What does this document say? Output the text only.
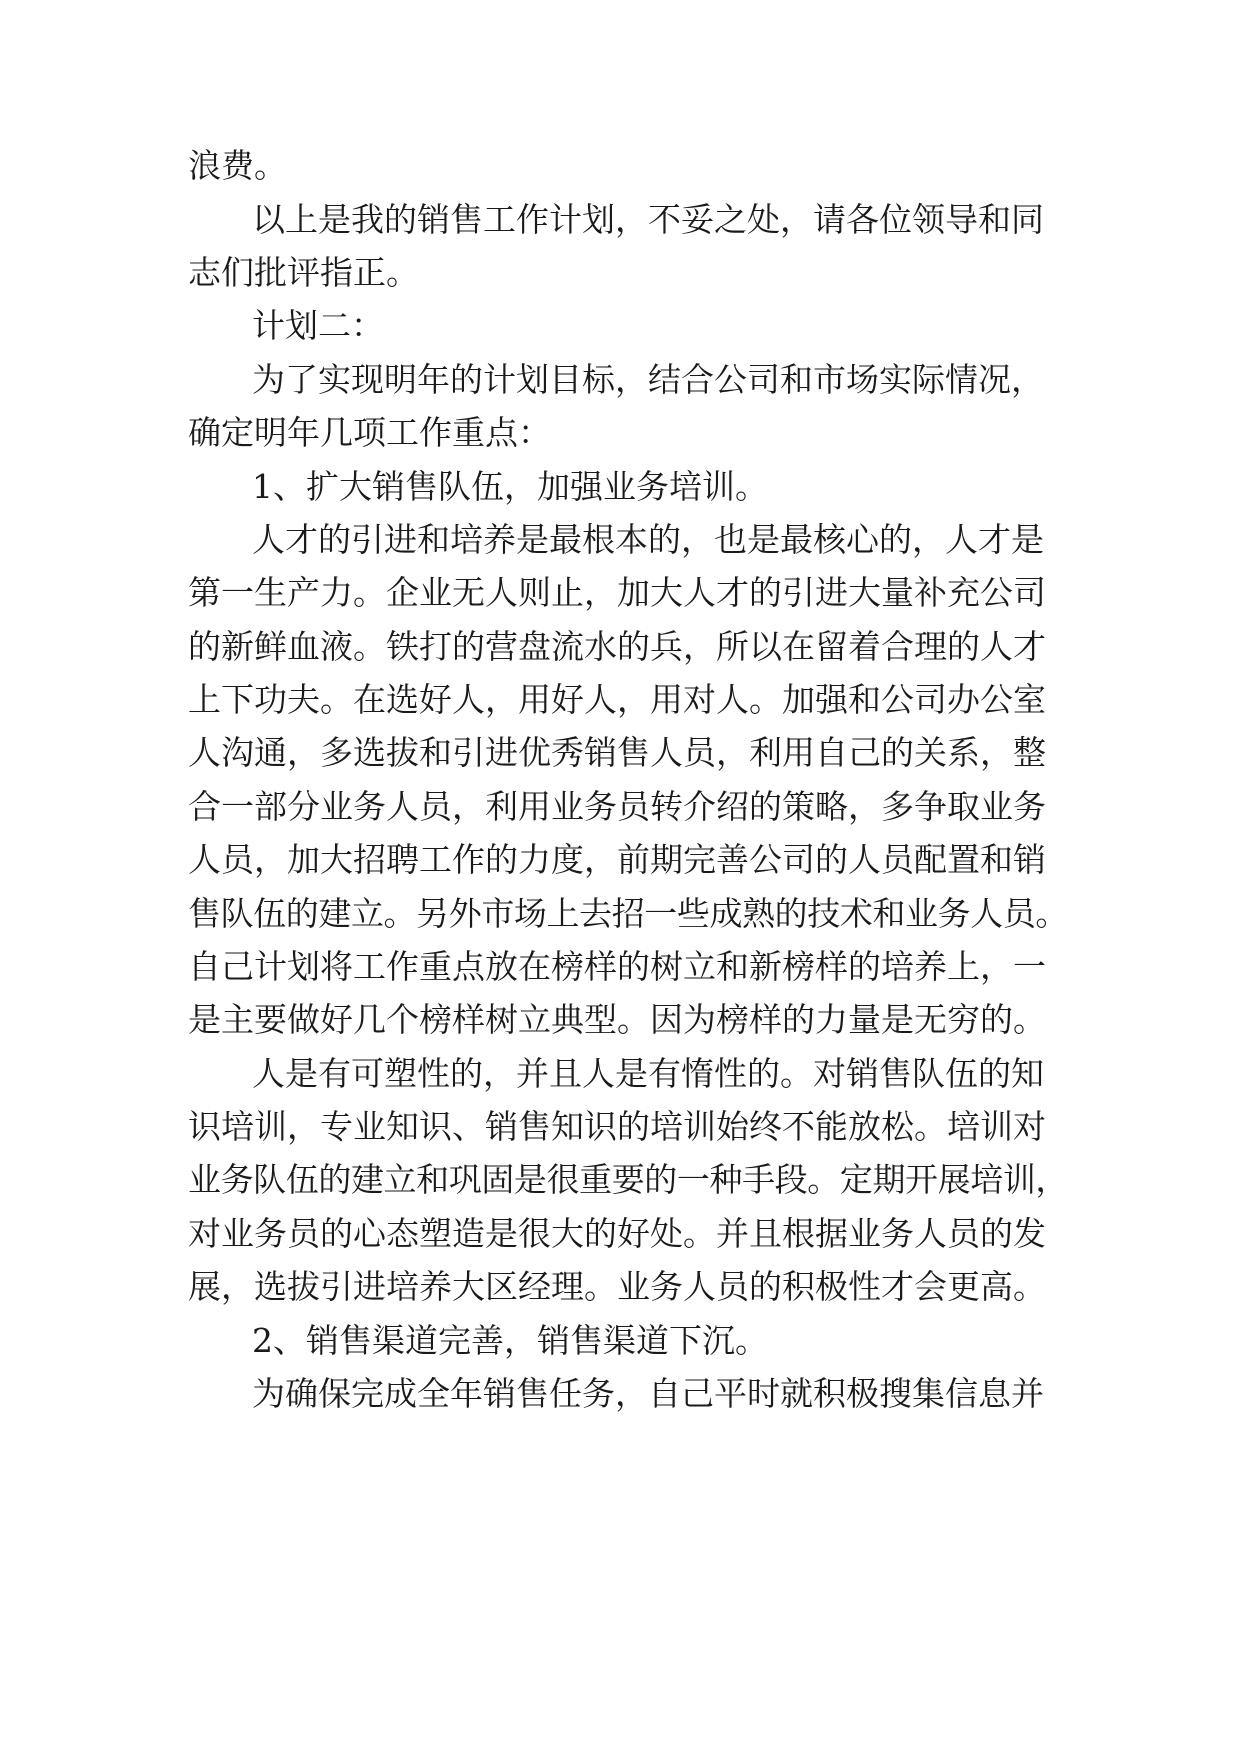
浪费。
以上是我的销售工作计划，不妥之处，请各位领导和同
志们批评指正。
计划二：
为了实现明年的计划目标，结合公司和市场实际情况，
确定明年几项工作重点：
1、扩大销售队伍，加强业务培训。
人才的引进和培养是最根本的，也是最核心的，人才是
第一生产力。企业无人则止，加大人才的引进大量补充公司
的新鲜血液。铁打的营盘流水的兵，所以在留着合理的人才
上下功夫。在选好人，用好人，用对人。加强和公司办公室
人沟通，多选拔和引进优秀销售人员，利用自己的关系，整
合一部分业务人员，利用业务员转介绍的策略，多争取业务
人员，加大招聘工作的力度，前期完善公司的人员配置和销
售队伍的建立。另外市场上去招一些成熟的技术和业务人员。
自己计划将工作重点放在榜样的树立和新榜样的培养上，一
是主要做好几个榜样树立典型。因为榜样的力量是无穷的。
人是有可塑性的，并且人是有惰性的。对销售队伍的知
识培训，专业知识、销售知识的培训始终不能放松。培训对
业务队伍的建立和巩固是很重要的一种手段。定期开展培训，
对业务员的心态塑造是很大的好处。并且根据业务人员的发
展，选拔引进培养大区经理。业务人员的积极性才会更高。
2、销售渠道完善，销售渠道下沉。
为确保完成全年销售任务，自己平时就积极搜集信息并
